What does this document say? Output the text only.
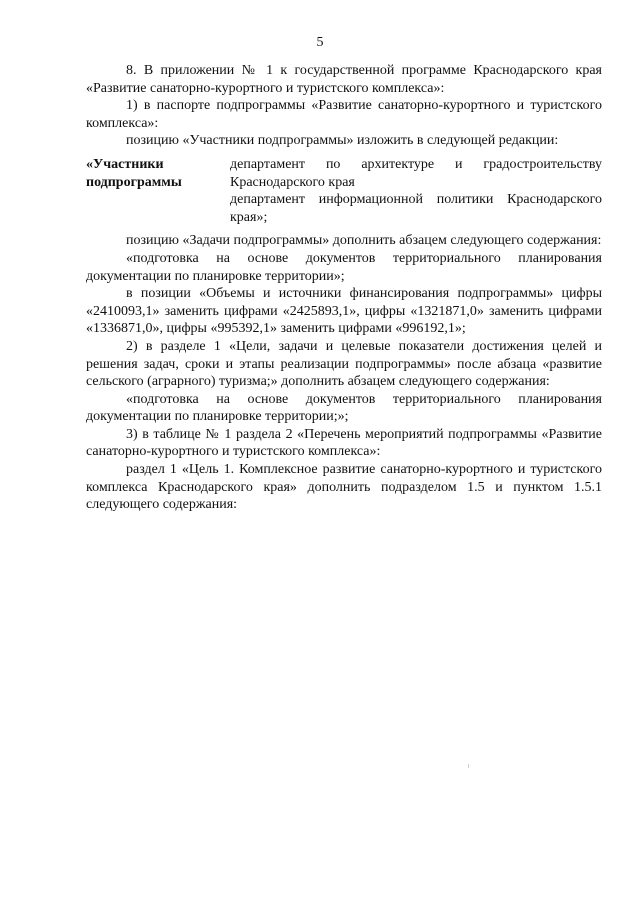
5

8. В приложении № 1 к государственной программе Краснодарского края «Развитие санаторно-курортного и туристского комплекса»:

1) в паспорте подпрограммы «Развитие санаторно-курортного и туристского комплекса»:

позицию «Участники подпрограммы» изложить в следующей редакции:

«Участники подпрограммы

департамент по архитектуре и градостроительству Краснодарского края

департамент информационной политики Краснодарского края»;

позицию «Задачи подпрограммы» дополнить абзацем следующего содержания:

«подготовка на основе документов территориального планирования документации по планировке территории»;

в позиции «Объемы и источники финансирования подпрограммы» цифры «2410093,1» заменить цифрами «2425893,1», цифры «1321871,0» заменить цифрами «1336871,0», цифры «995392,1» заменить цифрами «996192,1»;

2) в разделе 1 «Цели, задачи и целевые показатели достижения целей и решения задач, сроки и этапы реализации подпрограммы» после абзаца «развитие сельского (аграрного) туризма;» дополнить абзацем следующего содержания:

«подготовка на основе документов территориального планирования документации по планировке территории;»;

3) в таблице № 1 раздела 2 «Перечень мероприятий подпрограммы «Развитие санаторно-курортного и туристского комплекса»:

раздел 1 «Цель 1. Комплексное развитие санаторно-курортного и туристского комплекса Краснодарского края» дополнить подразделом 1.5 и пунктом 1.5.1 следующего содержания:
